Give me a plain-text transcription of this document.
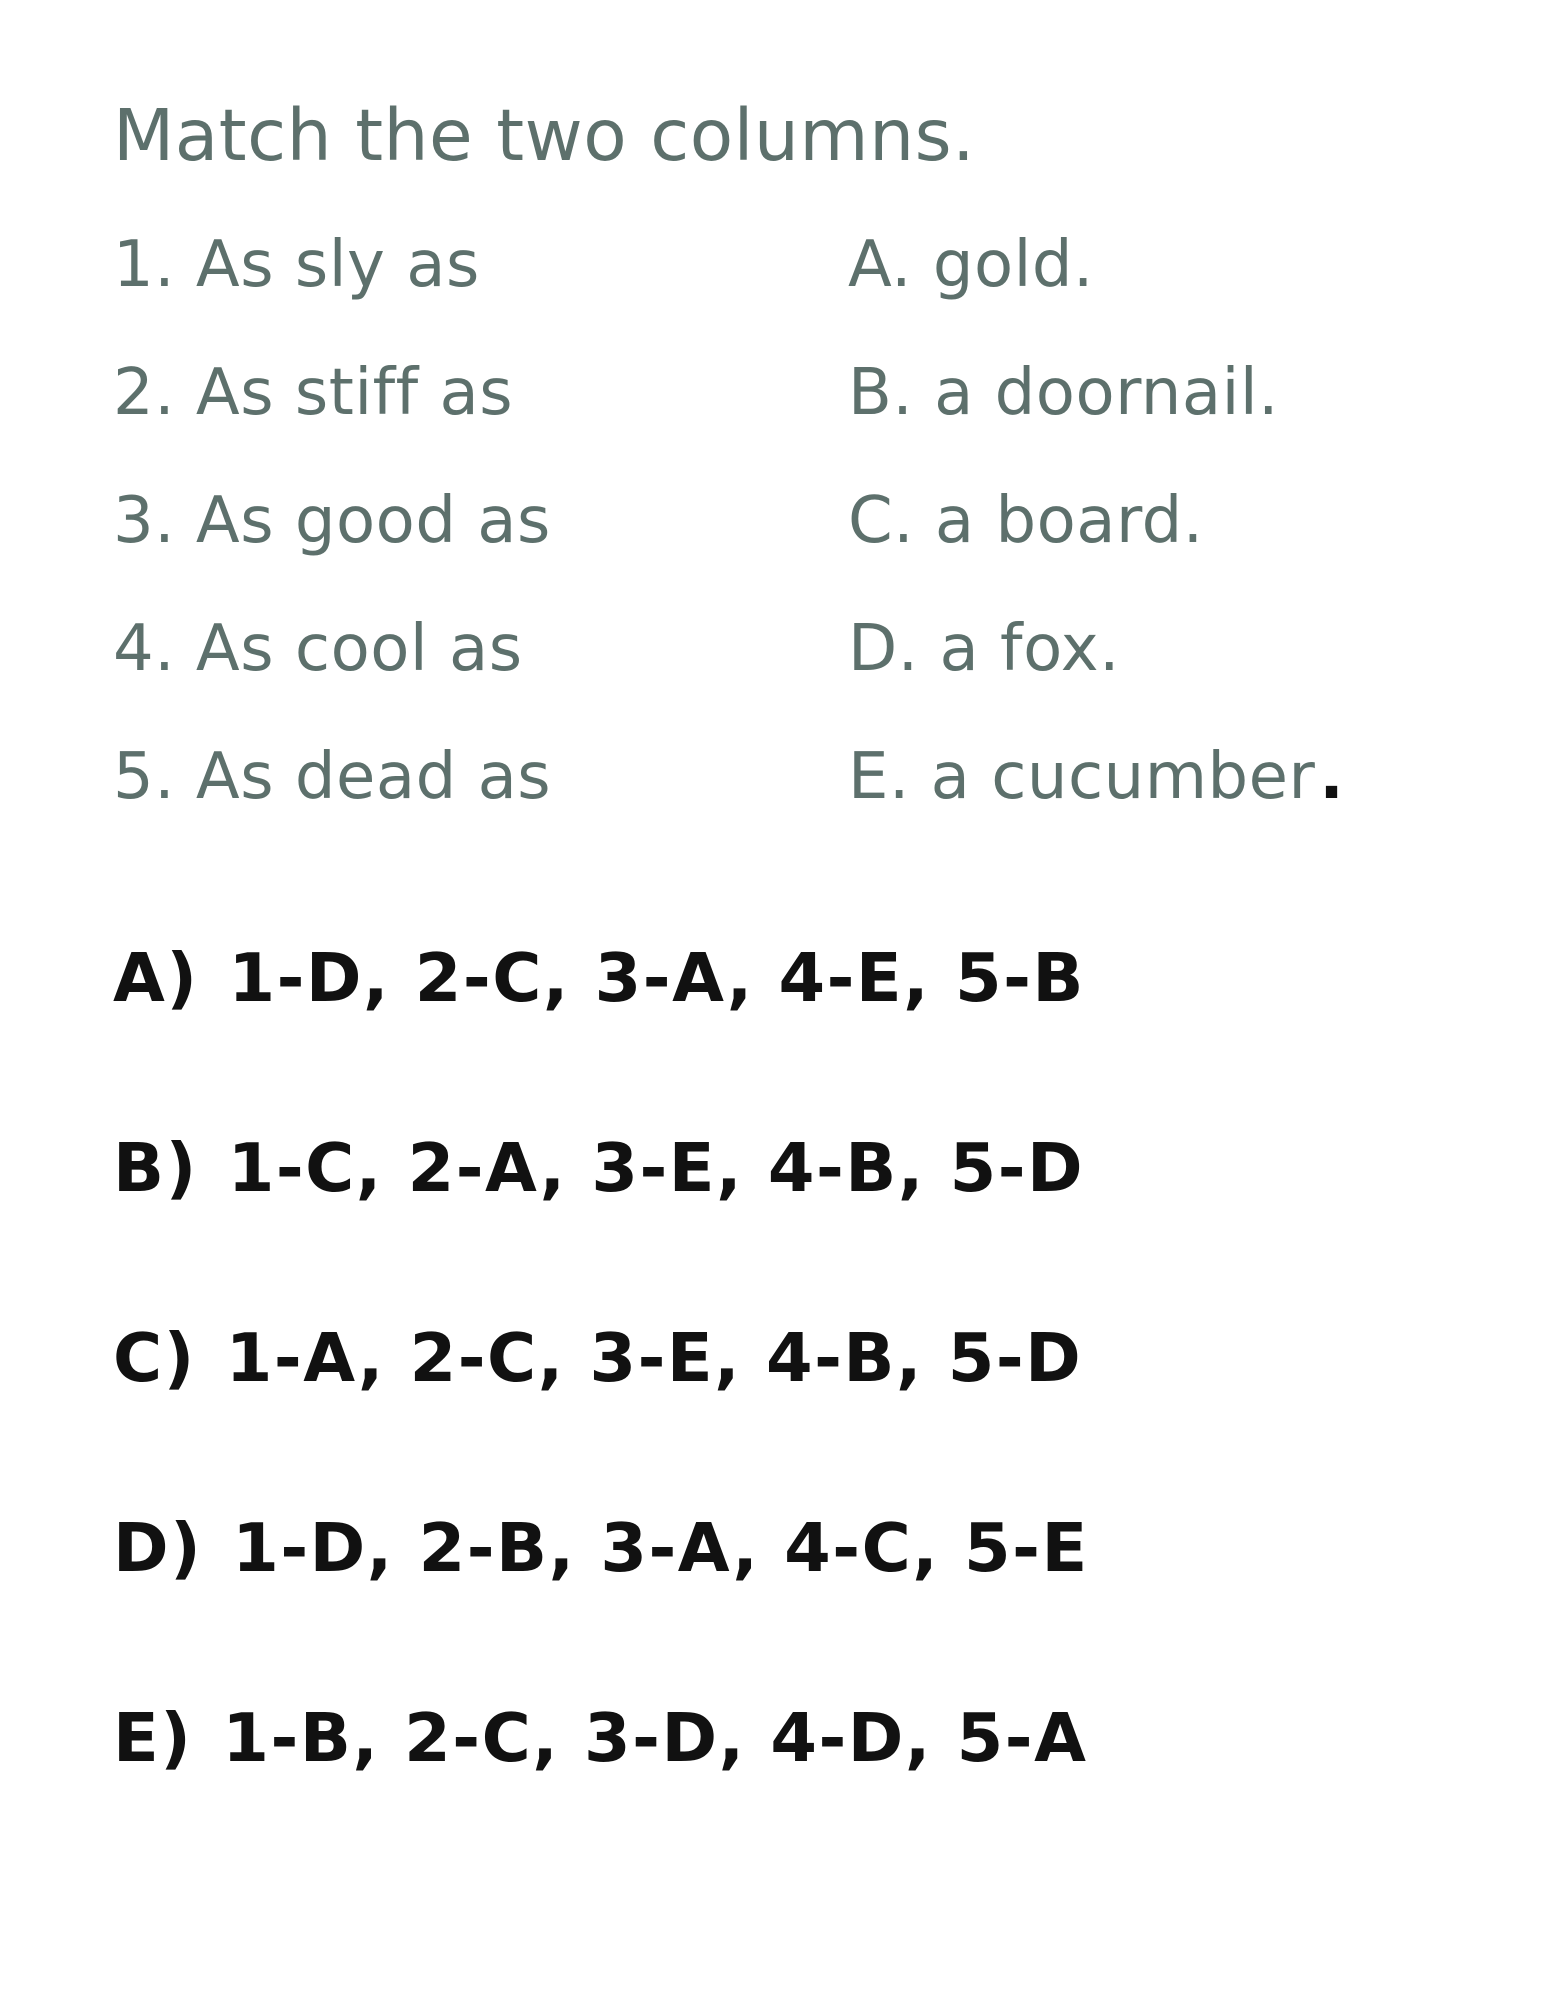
Match the two columns.
1. As sly as	A. gold.
2. As stiff as	B. a doornail.
3. As good as	C. a board.
4. As cool as	D. a fox.
5. As dead as	E. a cucumber .
A) 1-D, 2-C, 3-A, 4-E, 5-B
B) 1-C, 2-A, 3-E, 4-B, 5-D
C) 1-A, 2-C, 3-E, 4-B, 5-D
D) 1-D, 2-B, 3-A, 4-C, 5-E
E) 1-B, 2-C, 3-D, 4-D, 5-A
